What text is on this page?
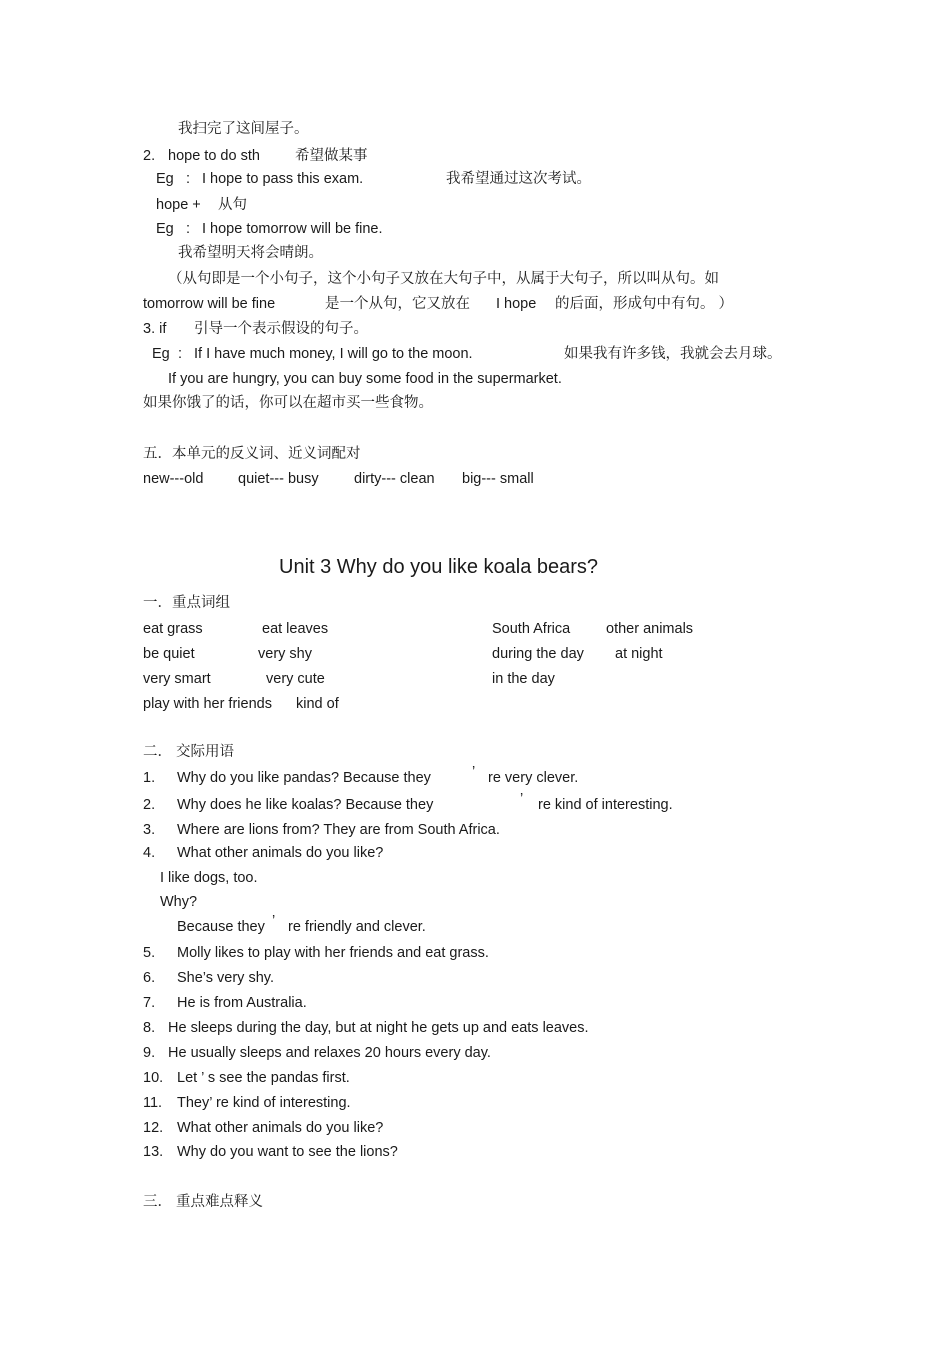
我扫完了这间屋子。
2. hope to do sth 希望做某事
Eg : I hope to pass this exam.	我希望通过这次考试。
hope + 从句
Eg : I hope tomorrow will be fine.
我希望明天将会晴朗。
（从句即是一个小句子，这个小句子又放在大句子中，从属于大句子，所以叫从句。如
tomorrow will be fine	是一个从句，它又放在 I hope 的后面，形成句中有句。 ）
3. if 引导一个表示假设的句子。
Eg : If I have much money, I will go to the moon.	如果我有许多钱，我就会去月球。
If you are hungry, you can buy some food in the supermarket.
如果你饿了的话，你可以在超市买一些食物。
五．本单元的反义词、近义词配对
new---old quiet--- busy dirty--- clean big--- small
Unit 3 Why do you like koala bears?
一．重点词组
eat grass	eat leaves	South Africa other animals
be quiet	very shy	during the day at night
very smart	very cute	in the day
play with her friends kind of
二． 交际用语
1. Why do you like pandas? Because they	’ re very clever.
2. Why does he like koalas? Because they	’ re kind of interesting.
3. Where are lions from? They are from South Africa.
4. What other animals do you like?
I like dogs, too.
Why?
Because they ’ re friendly and clever.
5. Molly likes to play with her friends and eat grass.
6. She’s very shy.
7. He is from Australia.
8. He sleeps during the day, but at night he gets up and eats leaves.
9. He usually sleeps and relaxes 20 hours every day.
10. Let ’ s see the pandas first.
11. They’ re kind of interesting.
12. What other animals do you like?
13. Why do you want to see the lions?
三． 重点难点释义
